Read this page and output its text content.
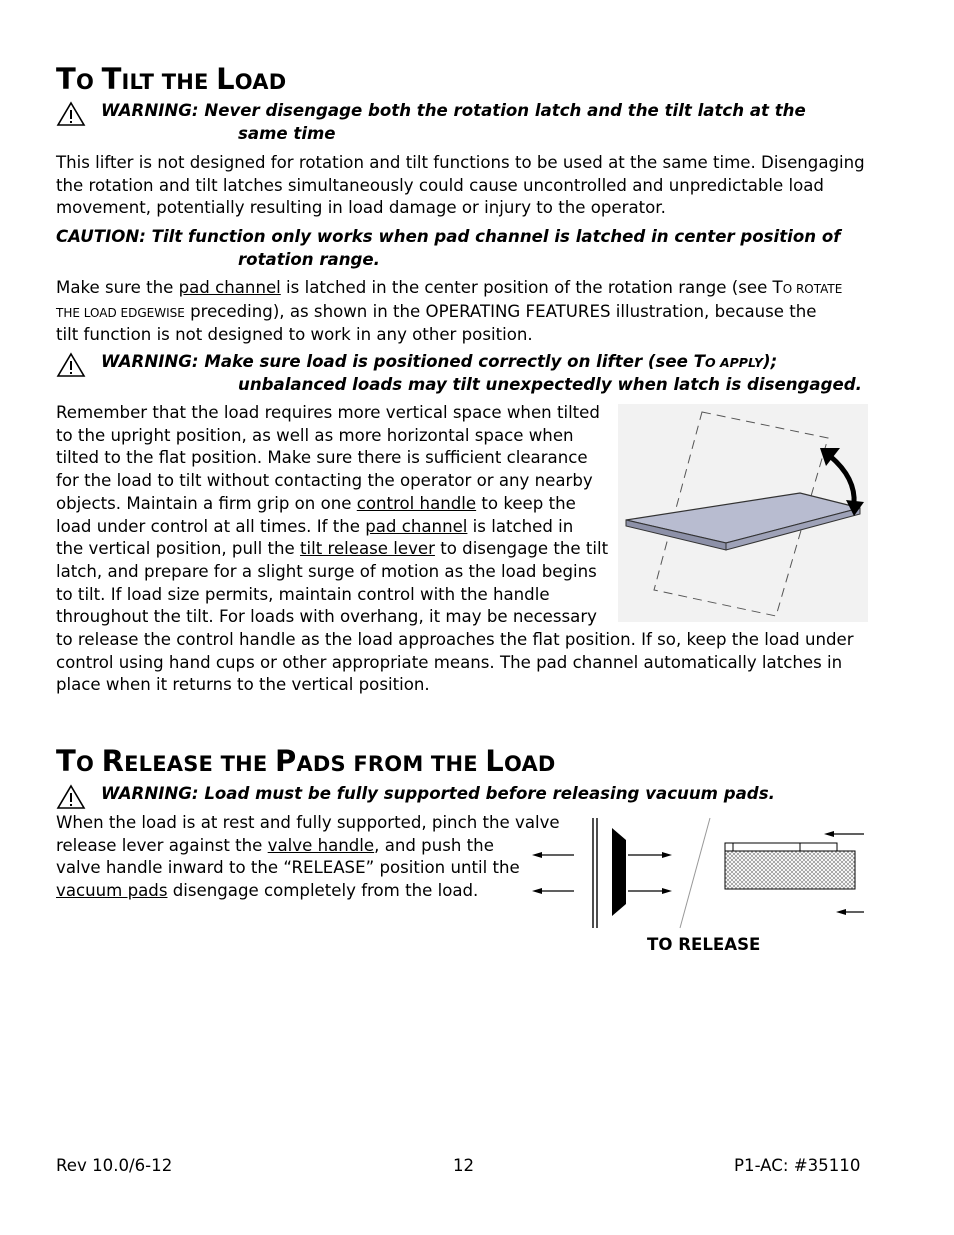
TO TILT THE LOAD
WARNING: Never disengage both the rotation latch and the tilt latch at the
same time
This lifter is not designed for rotation and tilt functions to be used at the same time. Disengaging
the rotation and tilt latches simultaneously could cause uncontrolled and unpredictable load
movement, potentially resulting in load damage or injury to the operator.
CAUTION: Tilt function only works when pad channel is latched in center position of
rotation range.
Make sure the pad channel is latched in the center position of the rotation range (see TO ROTATE
THE LOAD EDGEWISE preceding), as shown in the OPERATING FEATURES illustration, because the
tilt function is not designed to work in any other position.
WARNING: Make sure load is positioned correctly on lifter (see TO APPLY);
unbalanced loads may tilt unexpectedly when latch is disengaged.
Remember that the load requires more vertical space when tilted
to the upright position, as well as more horizontal space when
tilted to the flat position. Make sure there is sufficient clearance
for the load to tilt without contacting the operator or any nearby
objects. Maintain a firm grip on one control handle to keep the
load under control at all times. If the pad channel is latched in
the vertical position, pull the tilt release lever to disengage the tilt
latch, and prepare for a slight surge of motion as the load begins
to tilt. If load size permits, maintain control with the handle
throughout the tilt. For loads with overhang, it may be necessary
to release the control handle as the load approaches the flat position. If so, keep the load under
control using hand cups or other appropriate means. The pad channel automatically latches in
place when it returns to the vertical position.
TO RELEASE THE PADS FROM THE LOAD
WARNING: Load must be fully supported before releasing vacuum pads.
When the load is at rest and fully supported, pinch the valve
release lever against the valve handle, and push the
valve handle inward to the “RELEASE” position until the
vacuum pads disengage completely from the load.
TO RELEASE
Rev 10.0/6-12	12	P1-AC: #35110
